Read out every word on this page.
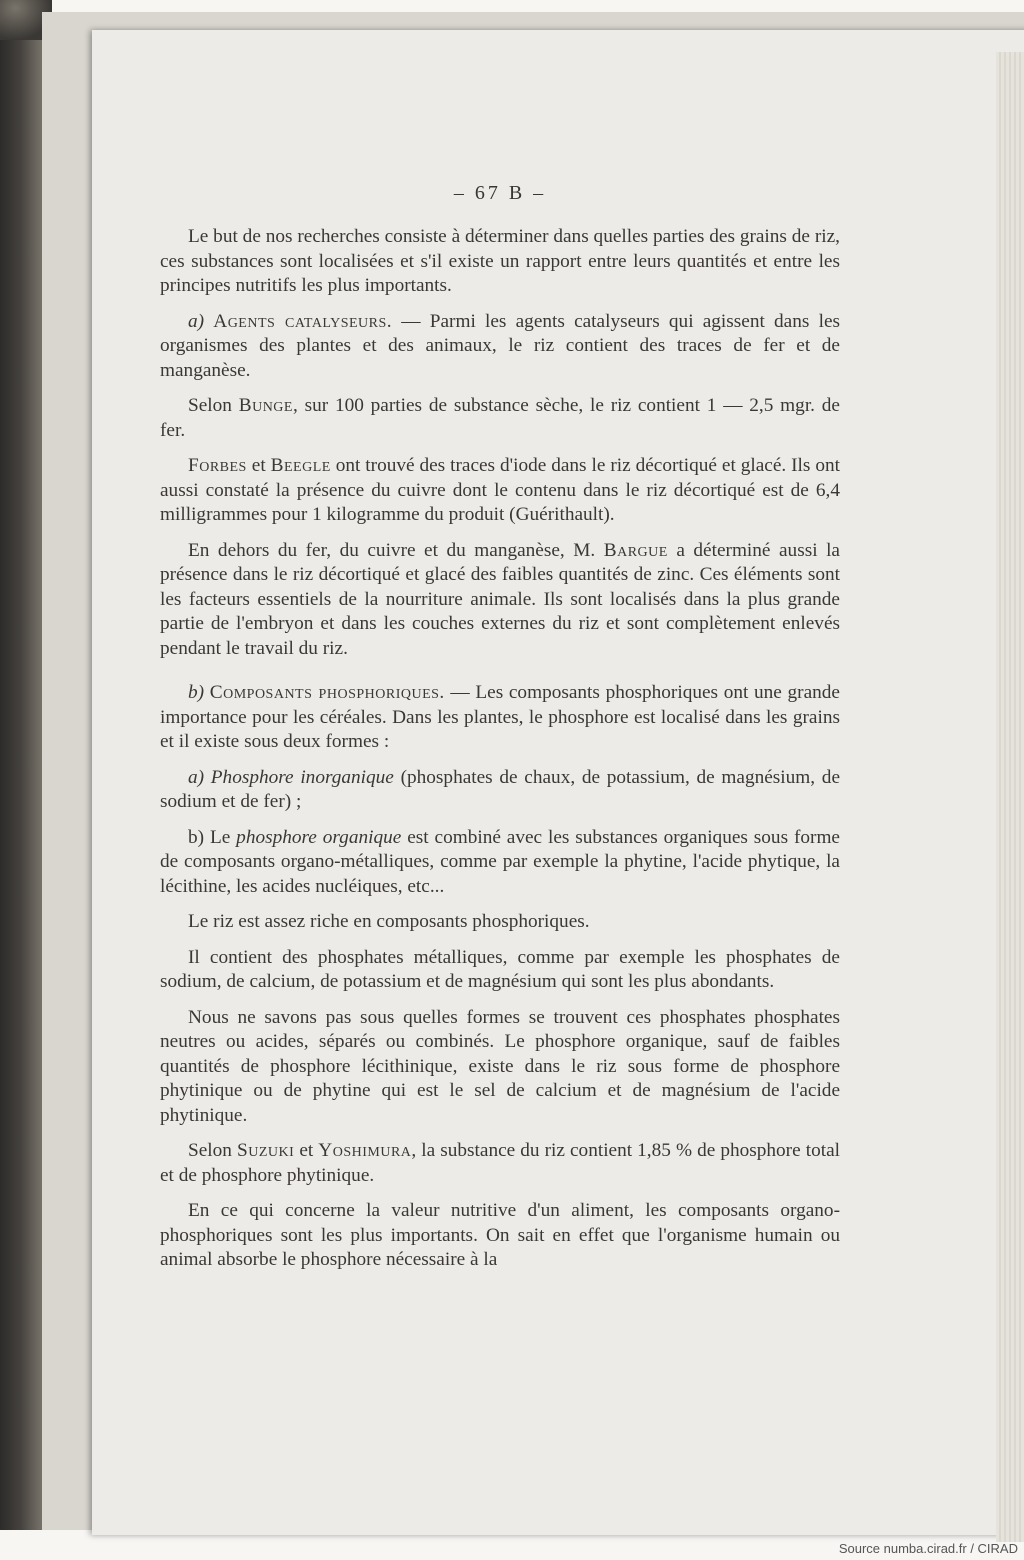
– 67 B –

Le but de nos recherches consiste à déterminer dans quelles parties des grains de riz, ces substances sont localisées et s'il existe un rapport entre leurs quantités et entre les principes nutritifs les plus importants.

a) Agents catalyseurs. — Parmi les agents catalyseurs qui agissent dans les organismes des plantes et des animaux, le riz contient des traces de fer et de manganèse.

Selon Bunge, sur 100 parties de substance sèche, le riz contient 1 — 2,5 mgr. de fer.

Forbes et Beegle ont trouvé des traces d'iode dans le riz décortiqué et glacé. Ils ont aussi constaté la présence du cuivre dont le contenu dans le riz décortiqué est de 6,4 milligrammes pour 1 kilogramme du produit (Guérithault).

En dehors du fer, du cuivre et du manganèse, M. Bargue a déterminé aussi la présence dans le riz décortiqué et glacé des faibles quantités de zinc. Ces éléments sont les facteurs essentiels de la nourriture animale. Ils sont localisés dans la plus grande partie de l'embryon et dans les couches externes du riz et sont complètement enlevés pendant le travail du riz.

b) Composants phosphoriques. — Les composants phosphoriques ont une grande importance pour les céréales. Dans les plantes, le phosphore est localisé dans les grains et il existe sous deux formes :

a) Phosphore inorganique (phosphates de chaux, de potassium, de magnésium, de sodium et de fer) ;

b) Le phosphore organique est combiné avec les substances organiques sous forme de composants organo-métalliques, comme par exemple la phytine, l'acide phytique, la lécithine, les acides nucléiques, etc...

Le riz est assez riche en composants phosphoriques.

Il contient des phosphates métalliques, comme par exemple les phosphates de sodium, de calcium, de potassium et de magnésium qui sont les plus abondants.

Nous ne savons pas sous quelles formes se trouvent ces phosphates phosphates neutres ou acides, séparés ou combinés. Le phosphore organique, sauf de faibles quantités de phosphore lécithinique, existe dans le riz sous forme de phosphore phytinique ou de phytine qui est le sel de calcium et de magnésium de l'acide phytinique.

Selon Suzuki et Yoshimura, la substance du riz contient 1,85 % de phosphore total et de phosphore phytinique.

En ce qui concerne la valeur nutritive d'un aliment, les composants organo-phosphoriques sont les plus importants. On sait en effet que l'organisme humain ou animal absorbe le phosphore nécessaire à la

Source numba.cirad.fr / CIRAD
